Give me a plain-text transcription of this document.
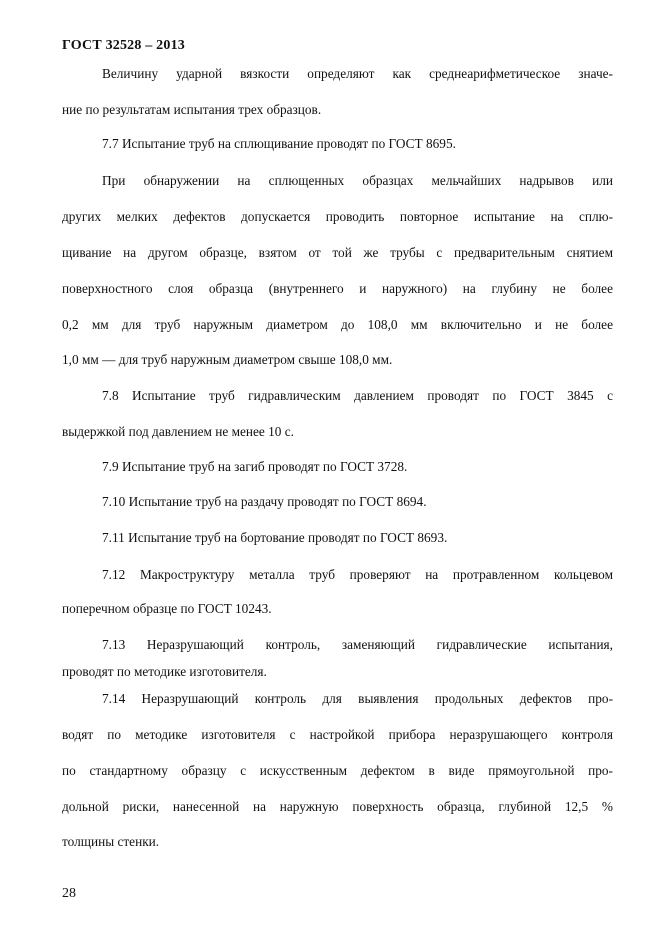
ГОСТ 32528 – 2013
Величину ударной вязкости определяют как среднеарифметическое значе-
ние по результатам испытания трех образцов.
7.7 Испытание труб на сплющивание проводят по ГОСТ 8695.
При обнаружении на сплющенных образцах мельчайших надрывов или
других мелких дефектов допускается проводить повторное испытание на сплю-
щивание на другом образце, взятом от той же трубы с предварительным снятием
поверхностного слоя образца (внутреннего и наружного) на глубину не более
0,2 мм для труб наружным диаметром до 108,0 мм включительно и не более
1,0 мм — для труб наружным диаметром свыше 108,0 мм.
7.8 Испытание труб гидравлическим давлением проводят по ГОСТ 3845 с
выдержкой под давлением не менее 10 с.
7.9 Испытание труб на загиб проводят по ГОСТ 3728.
7.10 Испытание труб на раздачу проводят по ГОСТ 8694.
7.11 Испытание труб на бортование проводят по ГОСТ 8693.
7.12 Макроструктуру металла труб проверяют на протравленном кольцевом
поперечном образце по ГОСТ 10243.
7.13 Неразрушающий контроль, заменяющий гидравлические испытания,
проводят по методике изготовителя.
7.14 Неразрушающий контроль для выявления продольных дефектов про-
водят по методике изготовителя с настройкой прибора неразрушающего контроля
по стандартному образцу с искусственным дефектом в виде прямоугольной про-
дольной риски, нанесенной на наружную поверхность образца, глубиной 12,5 %
толщины стенки.
28
